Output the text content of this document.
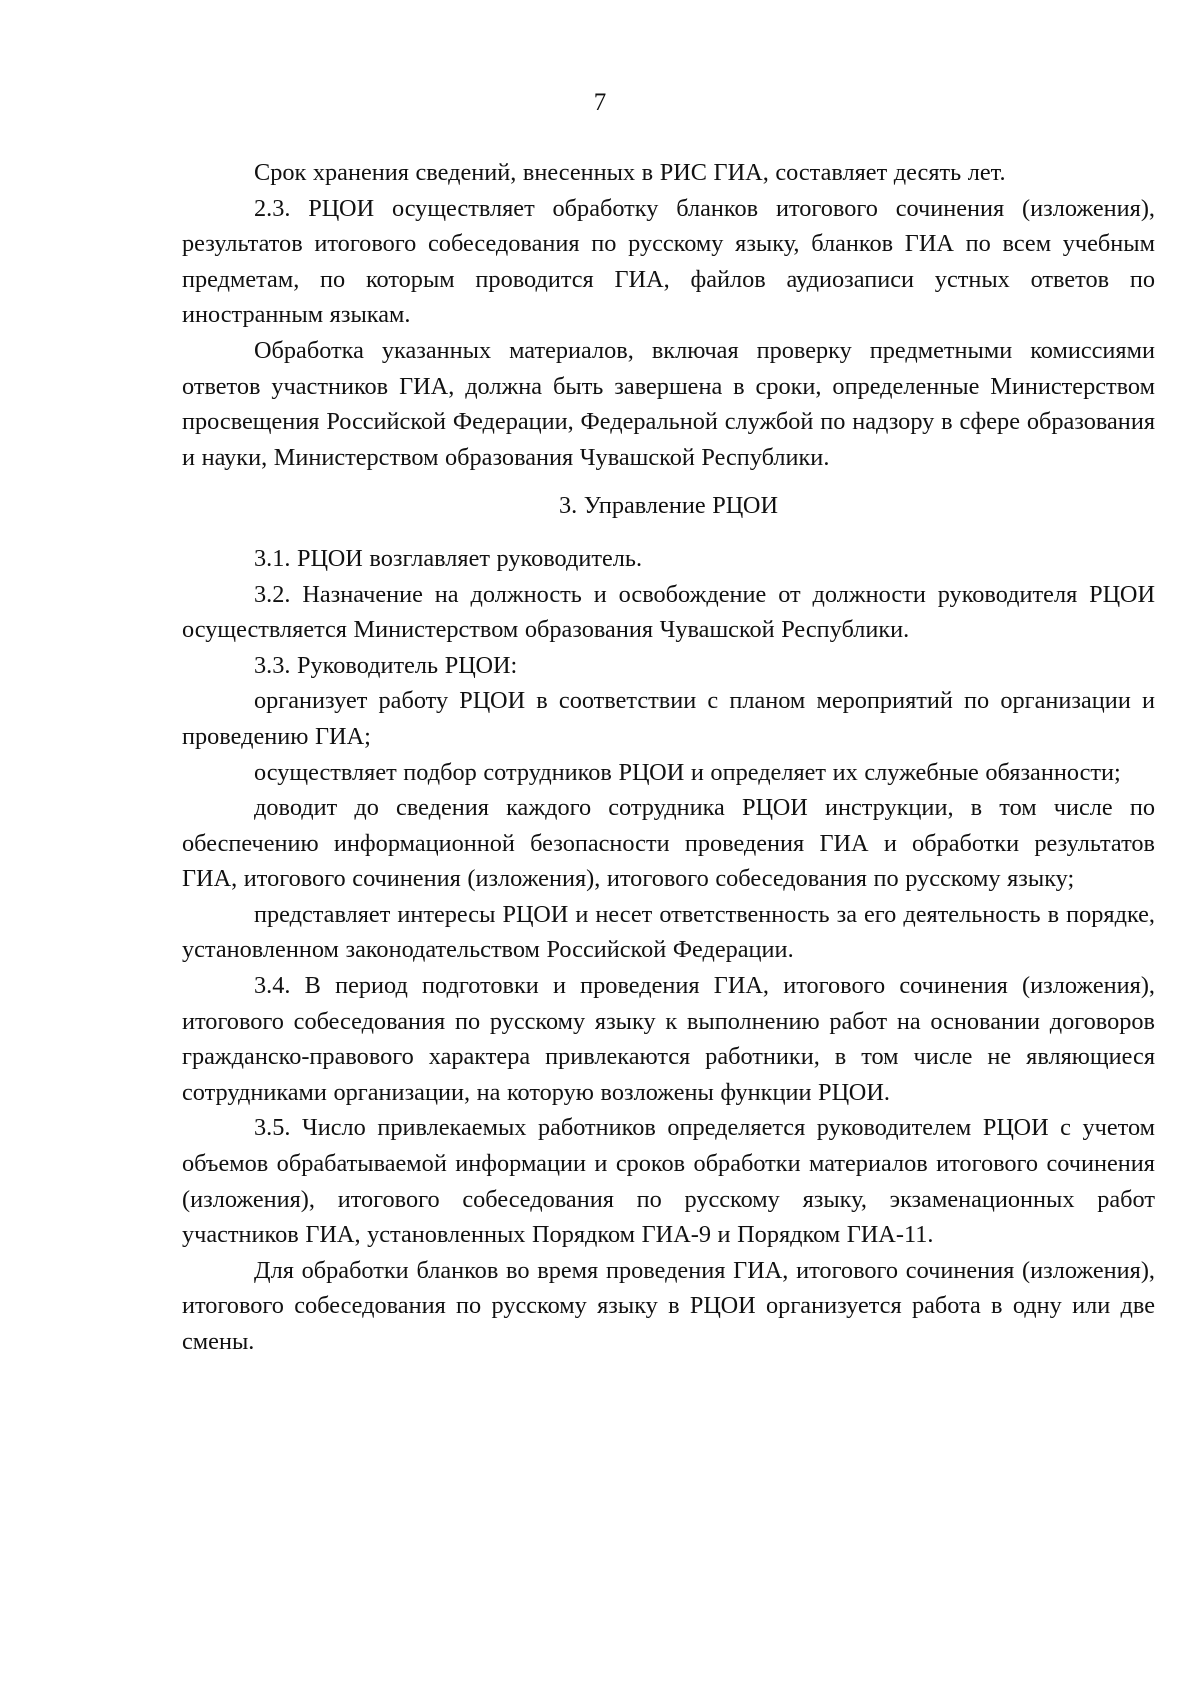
7

Срок хранения сведений, внесенных в РИС ГИА, составляет десять лет.

2.3. РЦОИ осуществляет обработку бланков итогового сочинения (изложения), результатов итогового собеседования по русскому языку, бланков ГИА по всем учебным предметам, по которым проводится ГИА, файлов аудиозаписи устных ответов по иностранным языкам.

Обработка указанных материалов, включая проверку предметными комиссиями ответов участников ГИА, должна быть завершена в сроки, определенные Министерством просвещения Российской Федерации, Федеральной службой по надзору в сфере образования и науки, Министерством образования Чувашской Республики.

3. Управление РЦОИ

3.1. РЦОИ возглавляет руководитель.

3.2. Назначение на должность и освобождение от должности руководителя РЦОИ осуществляется Министерством образования Чувашской Республики.

3.3. Руководитель РЦОИ:

организует работу РЦОИ в соответствии с планом мероприятий по организации и проведению ГИА;

осуществляет подбор сотрудников РЦОИ и определяет их служебные обязанности;

доводит до сведения каждого сотрудника РЦОИ инструкции, в том числе по обеспечению информационной безопасности проведения ГИА и обработки результатов ГИА, итогового сочинения (изложения), итогового собеседования по русскому языку;

представляет интересы РЦОИ и несет ответственность за его деятельность в порядке, установленном законодательством Российской Федерации.

3.4. В период подготовки и проведения ГИА, итогового сочинения (изложения), итогового собеседования по русскому языку к выполнению работ на основании договоров гражданско-правового характера привлекаются работники, в том числе не являющиеся сотрудниками организации, на которую возложены функции РЦОИ.

3.5. Число привлекаемых работников определяется руководителем РЦОИ с учетом объемов обрабатываемой информации и сроков обработки материалов итогового сочинения (изложения), итогового собеседования по русскому языку, экзаменационных работ участников ГИА, установленных Порядком ГИА-9 и Порядком ГИА-11.

Для обработки бланков во время проведения ГИА, итогового сочинения (изложения), итогового собеседования по русскому языку в РЦОИ организуется работа в одну или две смены.
